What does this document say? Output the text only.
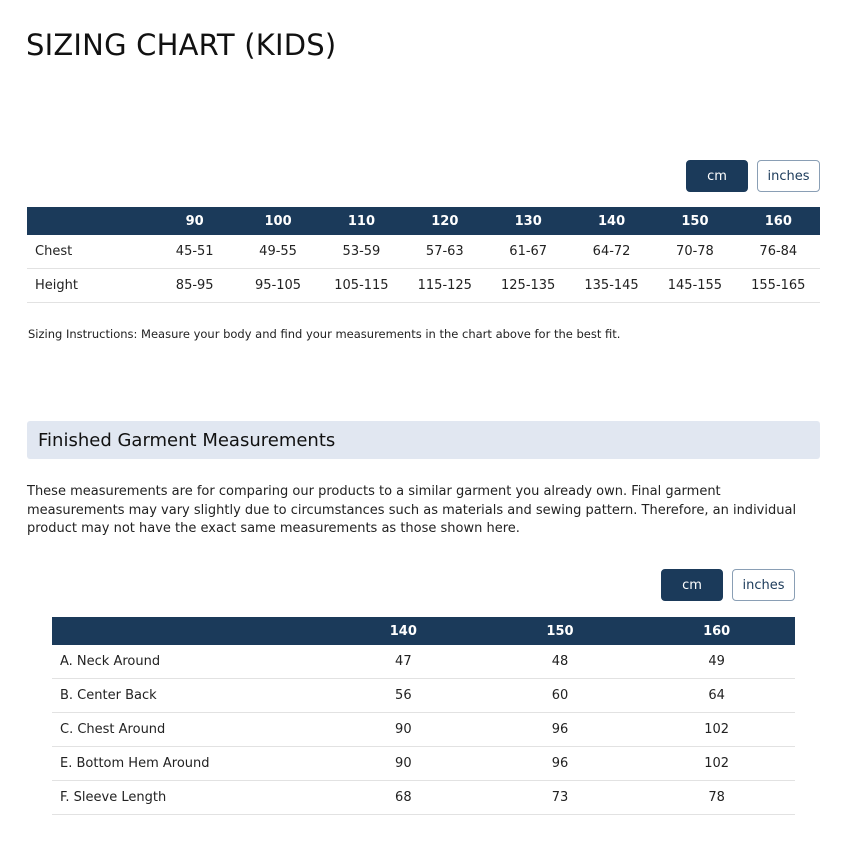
SIZING CHART (KIDS)
cm	inches
	90	100	110	120	130	140	150	160
Chest	45-51	49-55	53-59	57-63	61-67	64-72	70-78	76-84
Height	85-95	95-105	105-115	115-125	125-135	135-145	145-155	155-165

Sizing Instructions: Measure your body and find your measurements in the chart above for the best fit.

Finished Garment Measurements

These measurements are for comparing our products to a similar garment you already own. Final garment measurements may vary slightly due to circumstances such as materials and sewing pattern. Therefore, an individual product may not have the exact same measurements as those shown here.

cm	inches
	140	150	160
A. Neck Around	47	48	49
B. Center Back	56	60	64
C. Chest Around	90	96	102
E. Bottom Hem Around	90	96	102
F. Sleeve Length	68	73	78
